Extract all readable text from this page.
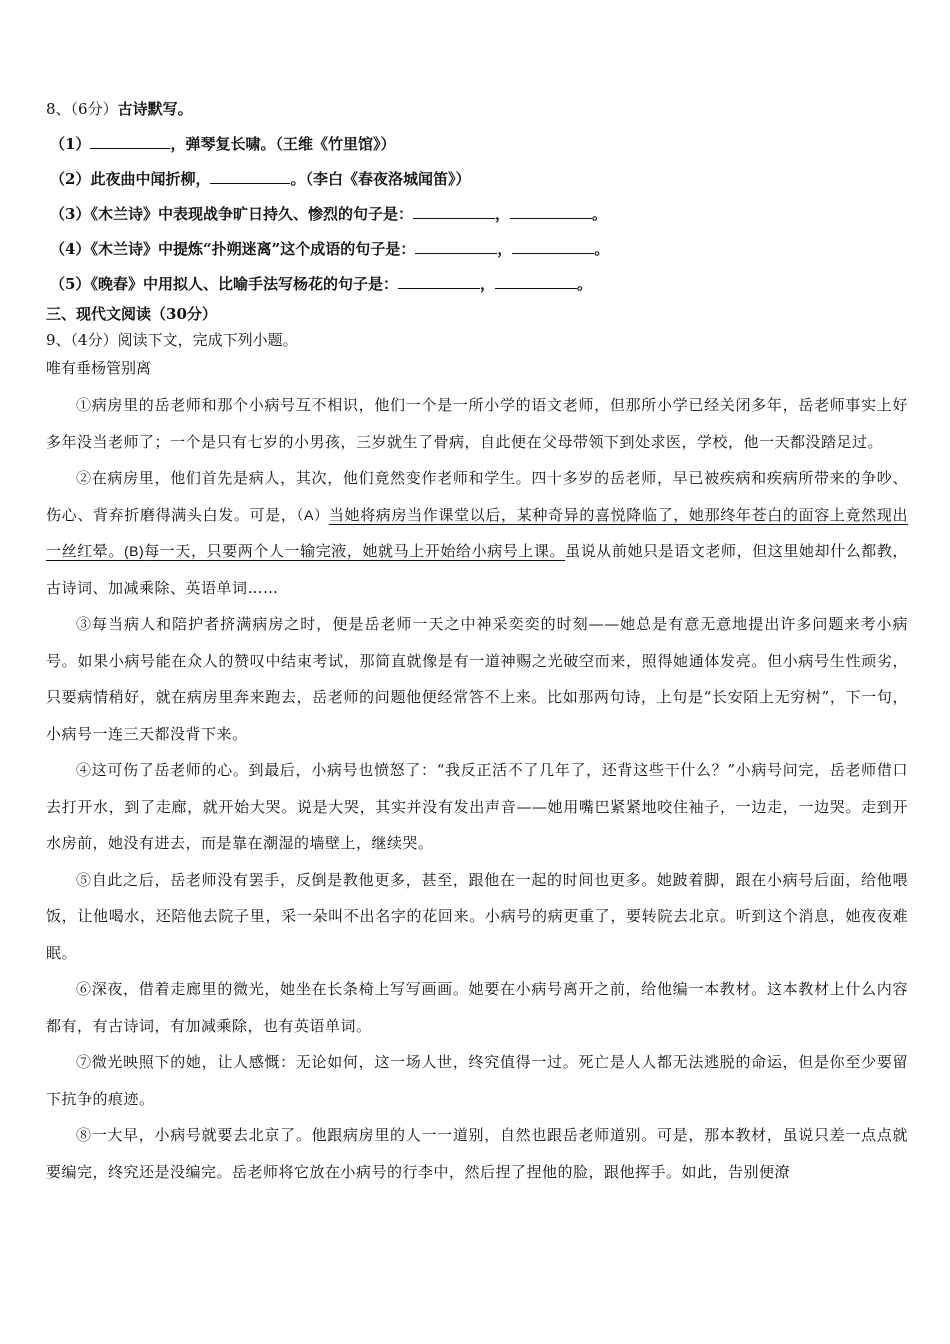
8、（6分）古诗默写。
（1）	，弹琴复长啸。（王维《竹里馆》）
（2）此夜曲中闻折柳，	。（李白《春夜洛城闻笛》）
（3）《木兰诗》中表现战争旷日持久、惨烈的句子是：	，	。
（4）《木兰诗》中提炼“扑朔迷离”这个成语的句子是：	，	。
（5）《晚春》中用拟人、比喻手法写杨花的句子是：	，	。
三、现代文阅读（30分）
9、（4分）阅读下文，完成下列小题。
唯有垂杨管别离
①病房里的岳老师和那个小病号互不相识，他们一个是一所小学的语文老师，但那所小学已经关闭多年，岳老师事实上好多年没当老师了；一个是只有七岁的小男孩，三岁就生了骨病，自此便在父母带领下到处求医，学校，他一天都没踏足过。
②在病房里，他们首先是病人，其次，他们竟然变作老师和学生。四十多岁的岳老师，早已被疾病和疾病所带来的争吵、伤心、背弃折磨得满头白发。可是，（A）当她将病房当作课堂以后，某种奇异的喜悦降临了，她那终年苍白的面容上竟然现出一丝红晕。(B)每一天，只要两个人一输完液，她就马上开始给小病号上课。虽说从前她只是语文老师，但这里她却什么都教，古诗词、加减乘除、英语单词……
③每当病人和陪护者挤满病房之时，便是岳老师一天之中神采奕奕的时刻——她总是有意无意地提出许多问题来考小病号。如果小病号能在众人的赞叹中结束考试，那简直就像是有一道神赐之光破空而来，照得她通体发亮。但小病号生性顽劣，只要病情稍好，就在病房里奔来跑去，岳老师的问题他便经常答不上来。比如那两句诗，上句是“长安陌上无穷树”，下一句，小病号一连三天都没背下来。
④这可伤了岳老师的心。到最后，小病号也愤怒了：“我反正活不了几年了，还背这些干什么？”小病号问完，岳老师借口去打开水，到了走廊，就开始大哭。说是大哭，其实并没有发出声音——她用嘴巴紧紧地咬住袖子，一边走，一边哭。走到开水房前，她没有进去，而是靠在潮湿的墙壁上，继续哭。
⑤自此之后，岳老师没有罢手，反倒是教他更多，甚至，跟他在一起的时间也更多。她跛着脚，跟在小病号后面，给他喂饭，让他喝水，还陪他去院子里，采一朵叫不出名字的花回来。小病号的病更重了，要转院去北京。听到这个消息，她夜夜难眠。
⑥深夜，借着走廊里的微光，她坐在长条椅上写写画画。她要在小病号离开之前，给他编一本教材。这本教材上什么内容都有，有古诗词，有加减乘除，也有英语单词。
⑦微光映照下的她，让人感慨：无论如何，这一场人世，终究值得一过。死亡是人人都无法逃脱的命运，但是你至少要留下抗争的痕迹。
⑧一大早，小病号就要去北京了。他跟病房里的人一一道别，自然也跟岳老师道别。可是，那本教材，虽说只差一点点就要编完，终究还是没编完。岳老师将它放在小病号的行李中，然后捏了捏他的脸，跟他挥手。如此，告别便潦
